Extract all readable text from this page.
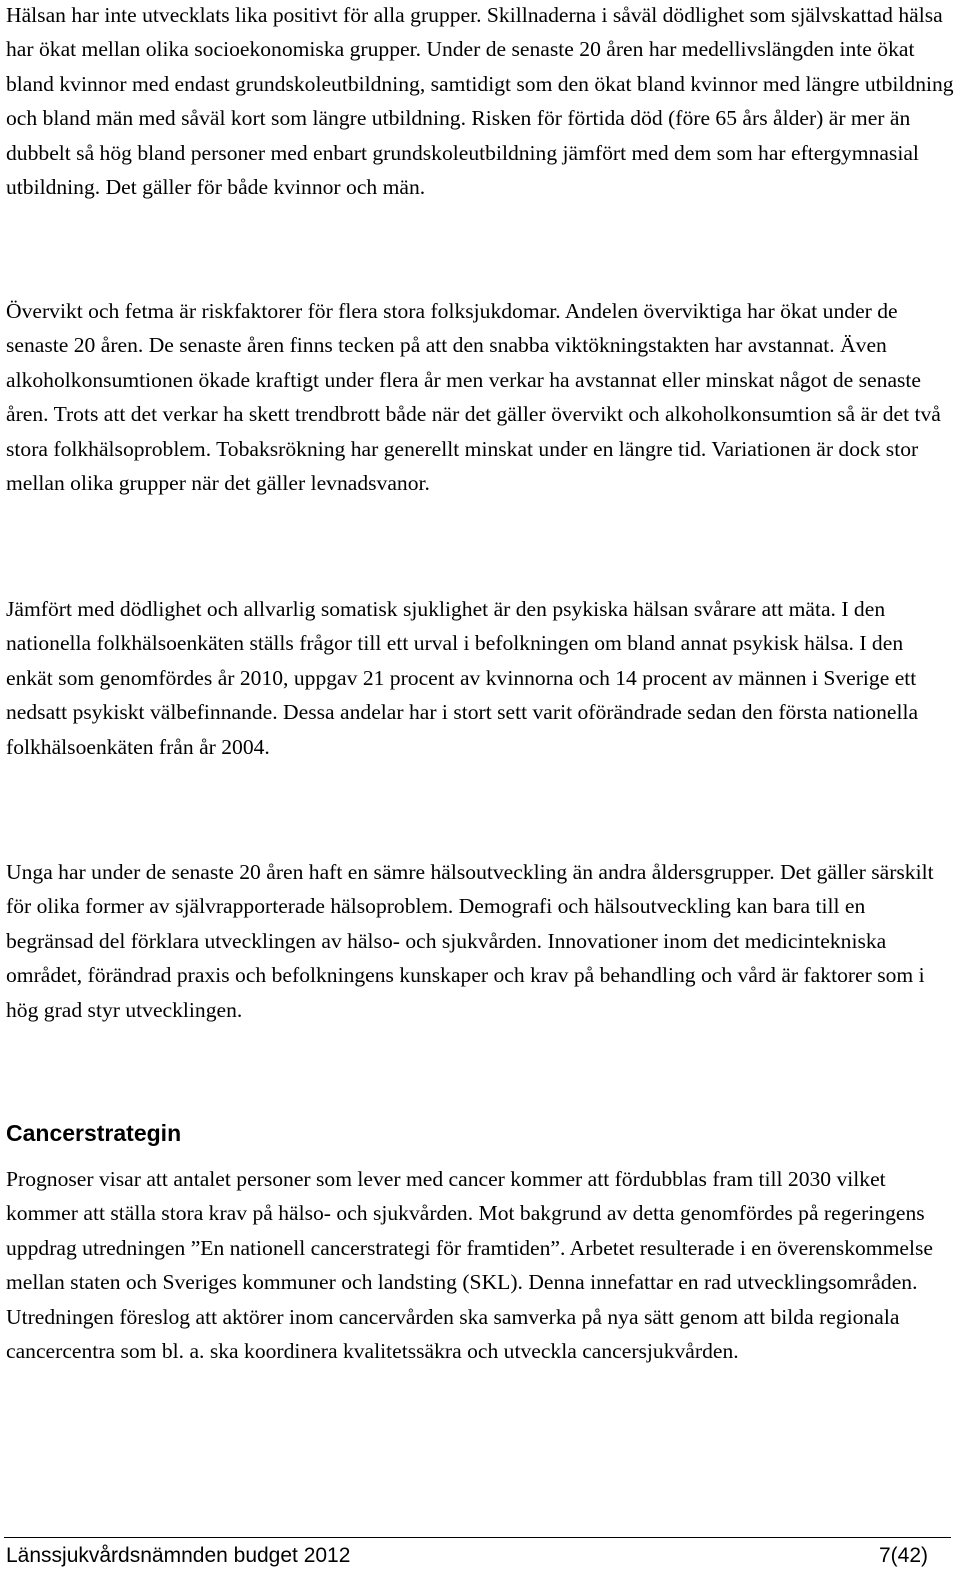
Hälsan har inte utvecklats lika positivt för alla grupper. Skillnaderna i såväl dödlighet som självskattad hälsa har ökat mellan olika socioekonomiska grupper. Under de senaste 20 åren har medellivslängden inte ökat bland kvinnor med endast grundskoleutbildning, samtidigt som den ökat bland kvinnor med längre utbildning och bland män med såväl kort som längre utbildning. Risken för förtida död (före 65 års ålder) är mer än dubbelt så hög bland personer med enbart grundskoleutbildning jämfört med dem som har eftergymnasial utbildning. Det gäller för både kvinnor och män.

Övervikt och fetma är riskfaktorer för flera stora folksjukdomar. Andelen överviktiga har ökat under de senaste 20 åren. De senaste åren finns tecken på att den snabba viktökningstakten har avstannat. Även alkoholkonsumtionen ökade kraftigt under flera år men verkar ha avstannat eller minskat något de senaste åren. Trots att det verkar ha skett trendbrott både när det gäller övervikt och alkoholkonsumtion så är det två stora folkhälsoproblem. Tobaksrökning har generellt minskat under en längre tid. Variationen är dock stor mellan olika grupper när det gäller levnadsvanor.

Jämfört med dödlighet och allvarlig somatisk sjuklighet är den psykiska hälsan svårare att mäta. I den nationella folkhälsoenkäten ställs frågor till ett urval i befolkningen om bland annat psykisk hälsa. I den enkät som genomfördes år 2010, uppgav 21 procent av kvinnorna och 14 procent av männen i Sverige ett nedsatt psykiskt välbefinnande. Dessa andelar har i stort sett varit oförändrade sedan den första nationella folkhälsoenkäten från år 2004.

Unga har under de senaste 20 åren haft en sämre hälsoutveckling än andra åldersgrupper. Det gäller särskilt för olika former av självrapporterade hälsoproblem. Demografi och hälsoutveckling kan bara till en begränsad del förklara utvecklingen av hälso- och sjukvården. Innovationer inom det medicintekniska området, förändrad praxis och befolkningens kunskaper och krav på behandling och vård är faktorer som i hög grad styr utvecklingen.

Cancerstrategin

Prognoser visar att antalet personer som lever med cancer kommer att fördubblas fram till 2030 vilket kommer att ställa stora krav på hälso- och sjukvården. Mot bakgrund av detta genomfördes på regeringens uppdrag utredningen ”En nationell cancerstrategi för framtiden”. Arbetet resulterade i en överenskommelse mellan staten och Sveriges kommuner och landsting (SKL). Denna innefattar en rad utvecklingsområden. Utredningen föreslog att aktörer inom cancervården ska samverka på nya sätt genom att bilda regionala cancercentra som bl. a. ska koordinera kvalitetssäkra och utveckla cancersjukvården.

Länssjukvårdsnämnden budget 2012	7(42)
